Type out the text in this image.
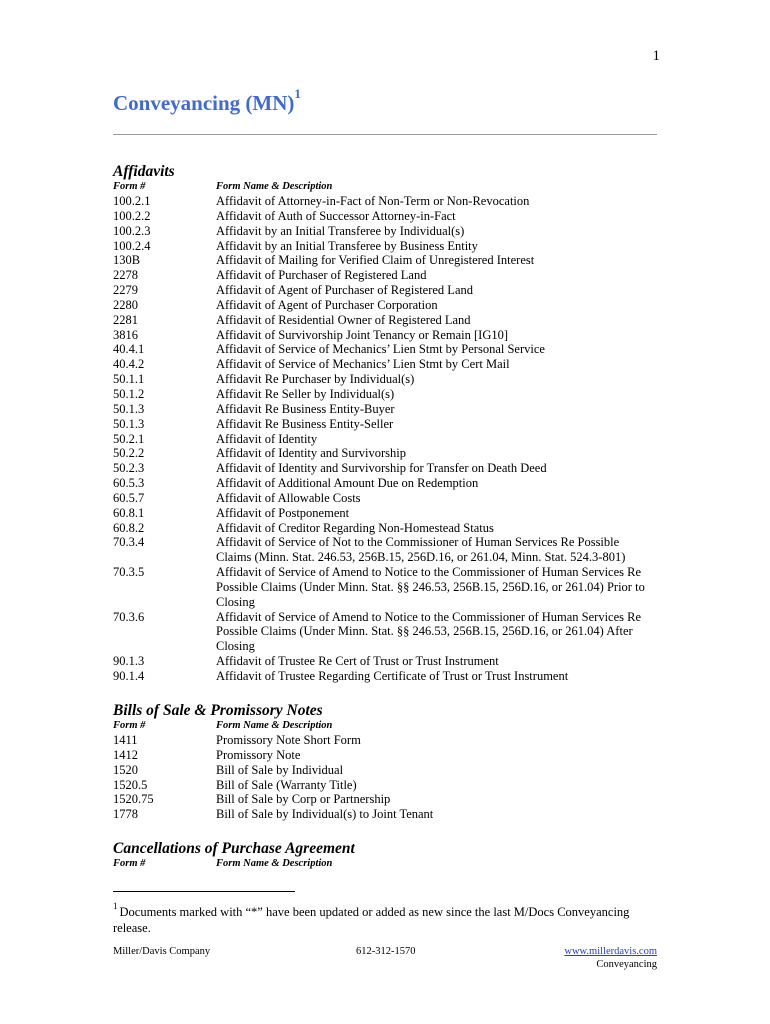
1
Conveyancing (MN)$^1$
Affidavits
Form #	Form Name & Description
100.2.1	Affidavit of Attorney-in-Fact of Non-Term or Non-Revocation
100.2.2	Affidavit of Auth of Successor Attorney-in-Fact
100.2.3	Affidavit by an Initial Transferee by Individual(s)
100.2.4	Affidavit by an Initial Transferee by Business Entity
130B	Affidavit of Mailing for Verified Claim of Unregistered Interest
2278	Affidavit of Purchaser of Registered Land
2279	Affidavit of Agent of Purchaser of Registered Land
2280	Affidavit of Agent of Purchaser Corporation
2281	Affidavit of Residential Owner of Registered Land
3816	Affidavit of Survivorship Joint Tenancy or Remain [IG10]
40.4.1	Affidavit of Service of Mechanics’ Lien Stmt by Personal Service
40.4.2	Affidavit of Service of Mechanics’ Lien Stmt by Cert Mail
50.1.1	Affidavit Re Purchaser by Individual(s)
50.1.2	Affidavit Re Seller by Individual(s)
50.1.3	Affidavit Re Business Entity-Buyer
50.1.3	Affidavit Re Business Entity-Seller
50.2.1	Affidavit of Identity
50.2.2	Affidavit of Identity and Survivorship
50.2.3	Affidavit of Identity and Survivorship for Transfer on Death Deed
60.5.3	Affidavit of Additional Amount Due on Redemption
60.5.7	Affidavit of Allowable Costs
60.8.1	Affidavit of Postponement
60.8.2	Affidavit of Creditor Regarding Non-Homestead Status
70.3.4	Affidavit of Service of Not to the Commissioner of Human Services Re Possible Claims (Minn. Stat. 246.53, 256B.15, 256D.16, or 261.04, Minn. Stat. 524.3-801)
70.3.5	Affidavit of Service of Amend to Notice to the Commissioner of Human Services Re Possible Claims (Under Minn. Stat. §§ 246.53, 256B.15, 256D.16, or 261.04) Prior to Closing
70.3.6	Affidavit of Service of Amend to Notice to the Commissioner of Human Services Re Possible Claims (Under Minn. Stat. §§ 246.53, 256B.15, 256D.16, or 261.04) After Closing
90.1.3	Affidavit of Trustee Re Cert of Trust or Trust Instrument
90.1.4	Affidavit of Trustee Regarding Certificate of Trust or Trust Instrument
Bills of Sale & Promissory Notes
Form #	Form Name & Description
1411	Promissory Note Short Form
1412	Promissory Note
1520	Bill of Sale by Individual
1520.5	Bill of Sale (Warranty Title)
1520.75	Bill of Sale by Corp or Partnership
1778	Bill of Sale by Individual(s) to Joint Tenant
Cancellations of Purchase Agreement
Form #	Form Name & Description
$^1$ Documents marked with “*” have been updated or added as new since the last M/Docs Conveyancing release.
Miller/Davis Company	612-312-1570	www.millerdavis.com
Conveyancing
